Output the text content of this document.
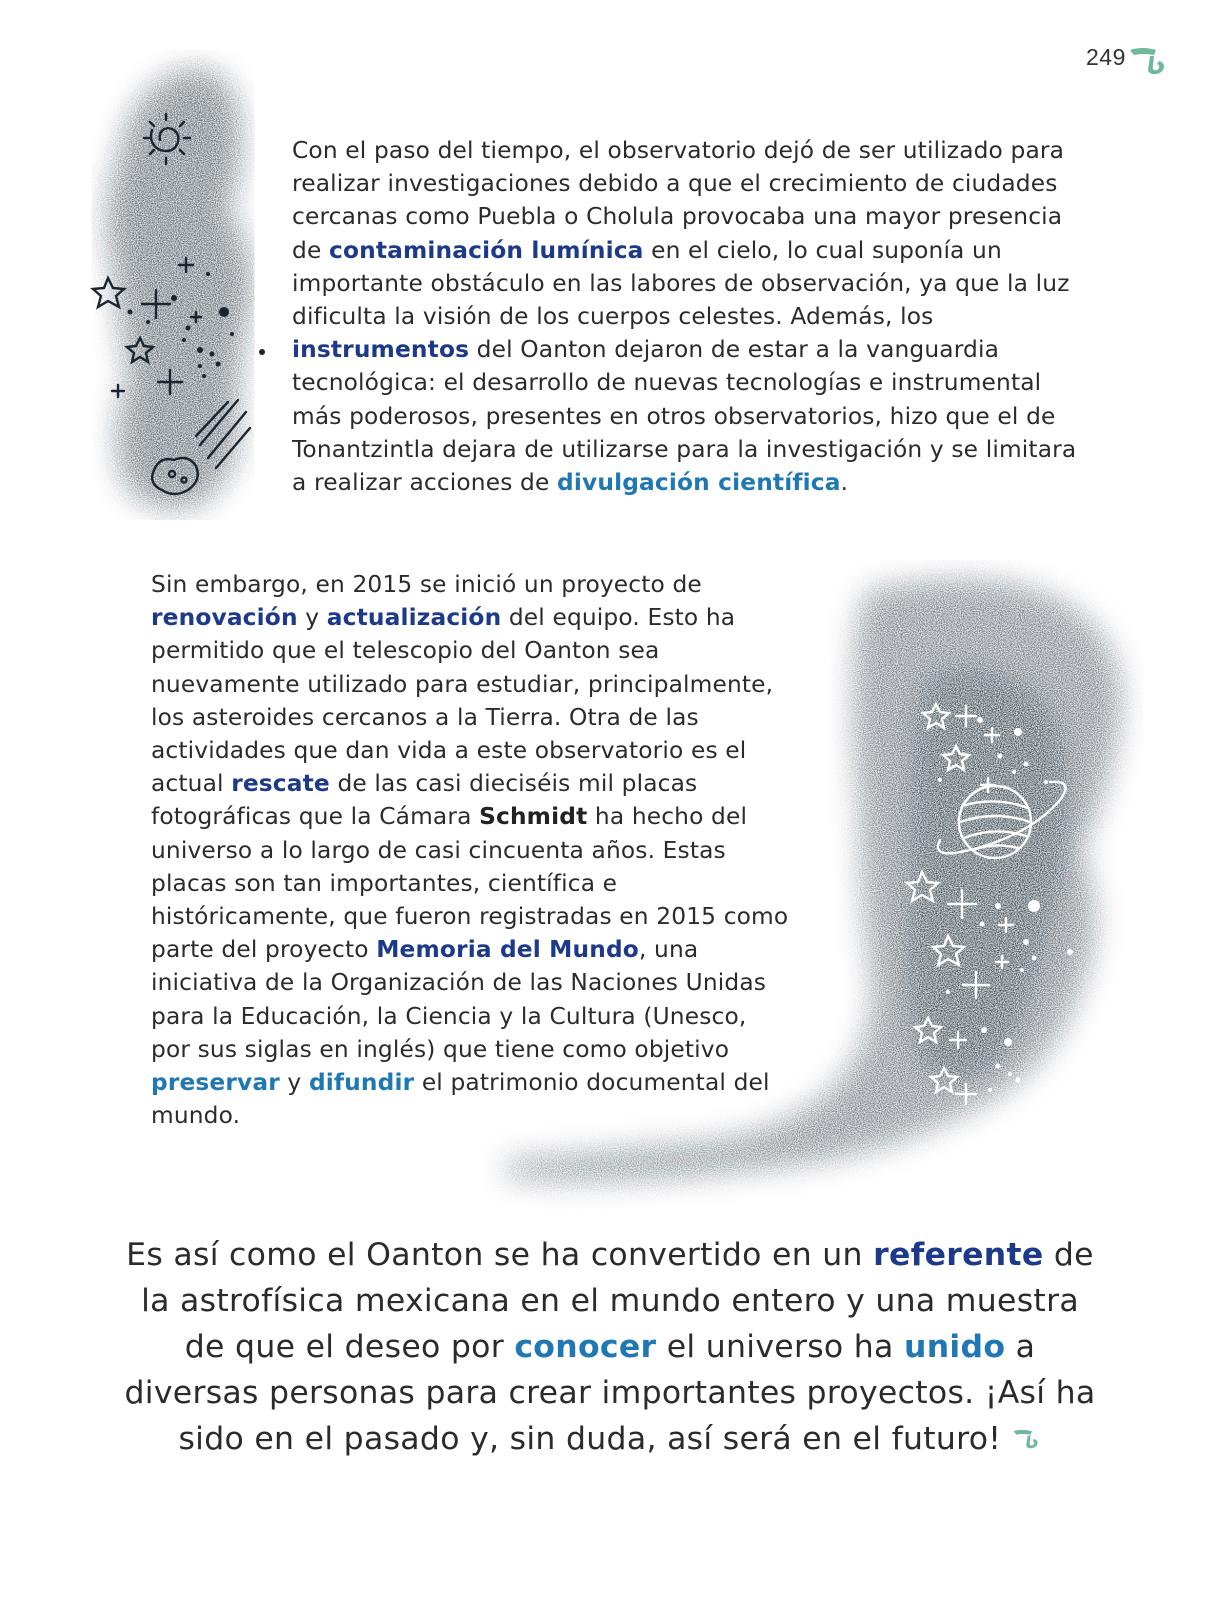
249

Con el paso del tiempo, el observatorio dejó de ser utilizado para realizar investigaciones debido a que el crecimiento de ciudades cercanas como Puebla o Cholula provocaba una mayor presencia de contaminación lumínica en el cielo, lo cual suponía un importante obstáculo en las labores de observación, ya que la luz dificulta la visión de los cuerpos celestes. Además, los instrumentos del Oanton dejaron de estar a la vanguardia tecnológica: el desarrollo de nuevas tecnologías e instrumental más poderosos, presentes en otros observatorios, hizo que el de Tonantzintla dejara de utilizarse para la investigación y se limitara a realizar acciones de divulgación científica.

Sin embargo, en 2015 se inició un proyecto de renovación y actualización del equipo. Esto ha permitido que el telescopio del Oanton sea nuevamente utilizado para estudiar, principalmente, los asteroides cercanos a la Tierra. Otra de las actividades que dan vida a este observatorio es el actual rescate de las casi dieciséis mil placas fotográficas que la Cámara Schmidt ha hecho del universo a lo largo de casi cincuenta años. Estas placas son tan importantes, científica e históricamente, que fueron registradas en 2015 como parte del proyecto Memoria del Mundo, una iniciativa de la Organización de las Naciones Unidas para la Educación, la Ciencia y la Cultura (Unesco, por sus siglas en inglés) que tiene como objetivo preservar y difundir el patrimonio documental del mundo.

Es así como el Oanton se ha convertido en un referente de la astrofísica mexicana en el mundo entero y una muestra de que el deseo por conocer el universo ha unido a diversas personas para crear importantes proyectos. ¡Así ha sido en el pasado y, sin duda, así será en el futuro!
